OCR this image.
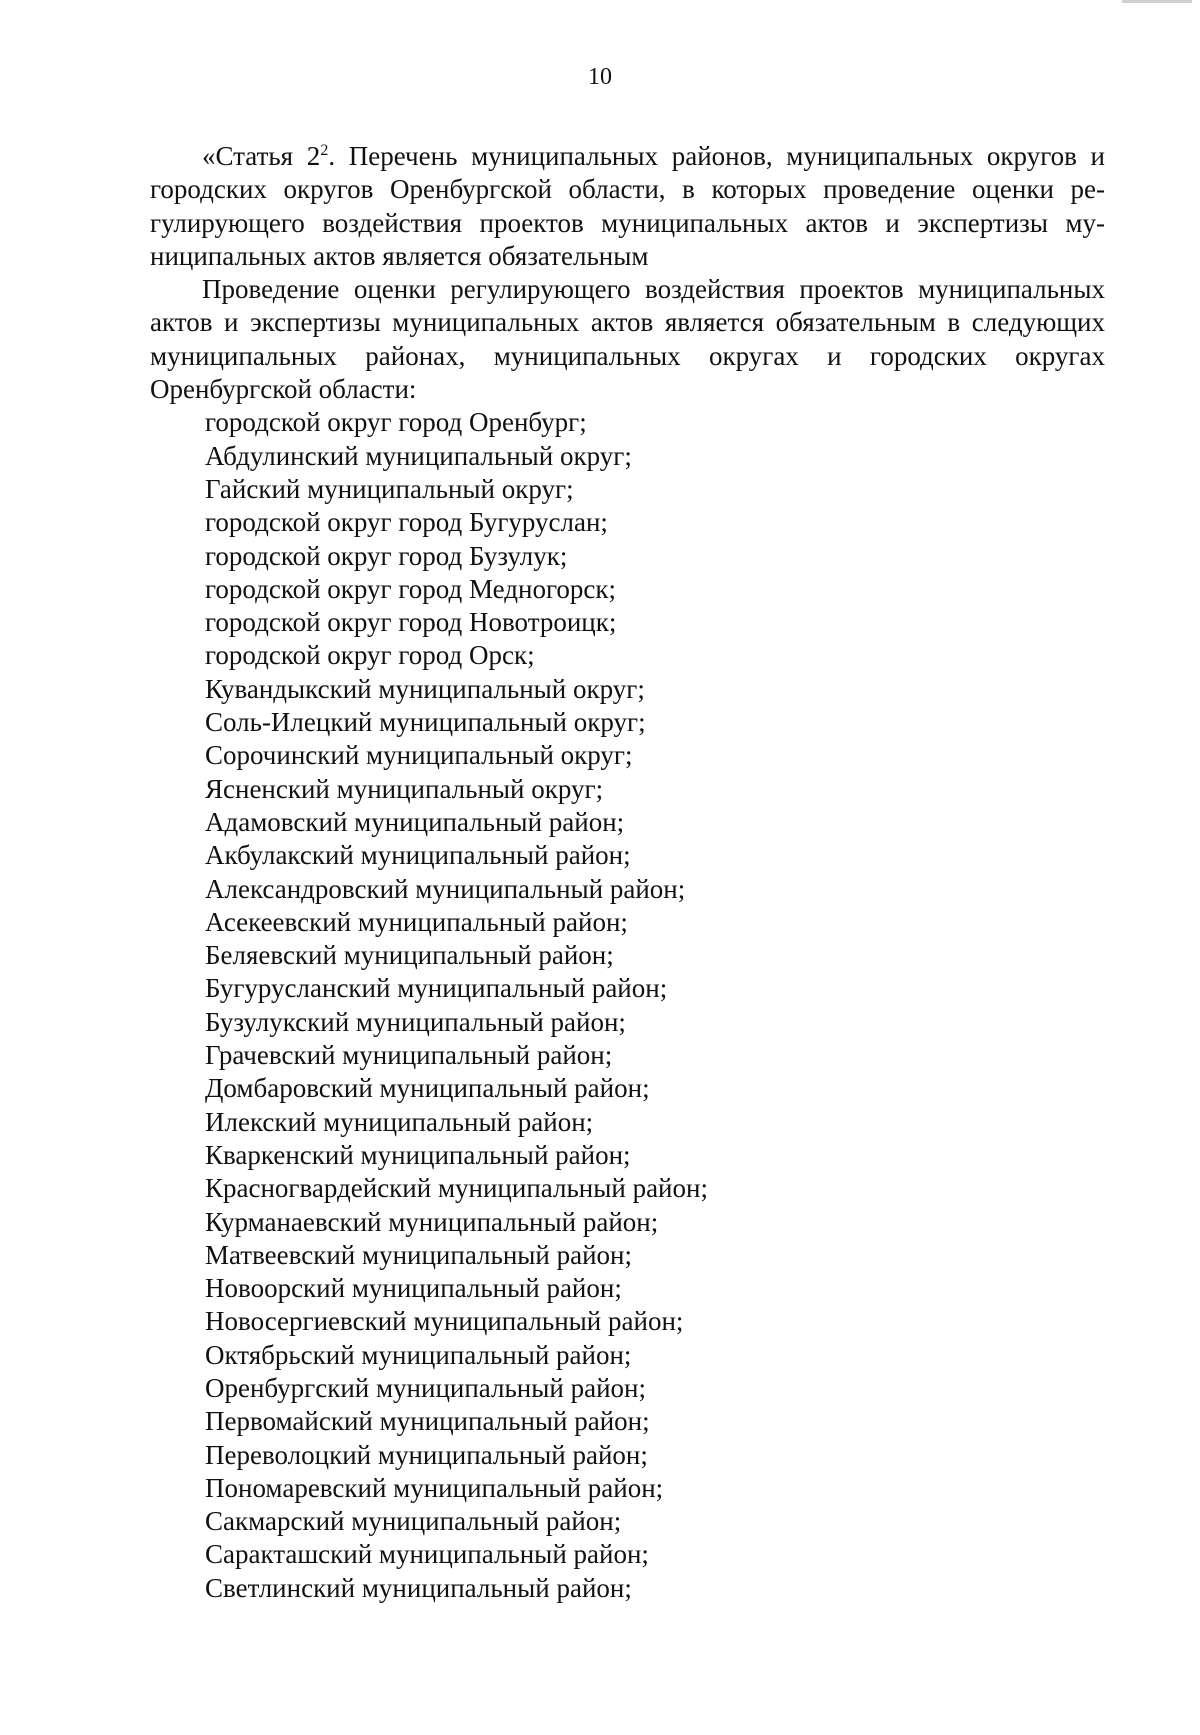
10

«Статья $2^2$. Перечень муниципальных районов, муниципальных округов и городских округов Оренбургской области, в которых проведение оценки регулирующего воздействия проектов муниципальных актов и экспертизы муниципальных актов является обязательным

Проведение оценки регулирующего воздействия проектов муниципальных актов и экспертизы муниципальных актов является обязательным в следующих муниципальных районах, муниципальных округах и городских округах Оренбургской области:

городской округ город Оренбург;
Абдулинский муниципальный округ;
Гайский муниципальный округ;
городской округ город Бугуруслан;
городской округ город Бузулук;
городской округ город Медногорск;
городской округ город Новотроицк;
городской округ город Орск;
Кувандыкский муниципальный округ;
Соль-Илецкий муниципальный округ;
Сорочинский муниципальный округ;
Ясненский муниципальный округ;
Адамовский муниципальный район;
Акбулакский муниципальный район;
Александровский муниципальный район;
Асекеевский муниципальный район;
Беляевский муниципальный район;
Бугурусланский муниципальный район;
Бузулукский муниципальный район;
Грачевский муниципальный район;
Домбаровский муниципальный район;
Илекский муниципальный район;
Кваркенский муниципальный район;
Красногвардейский муниципальный район;
Курманаевский муниципальный район;
Матвеевский муниципальный район;
Новоорский муниципальный район;
Новосергиевский муниципальный район;
Октябрьский муниципальный район;
Оренбургский муниципальный район;
Первомайский муниципальный район;
Переволоцкий муниципальный район;
Пономаревский муниципальный район;
Сакмарский муниципальный район;
Саракташский муниципальный район;
Светлинский муниципальный район;
